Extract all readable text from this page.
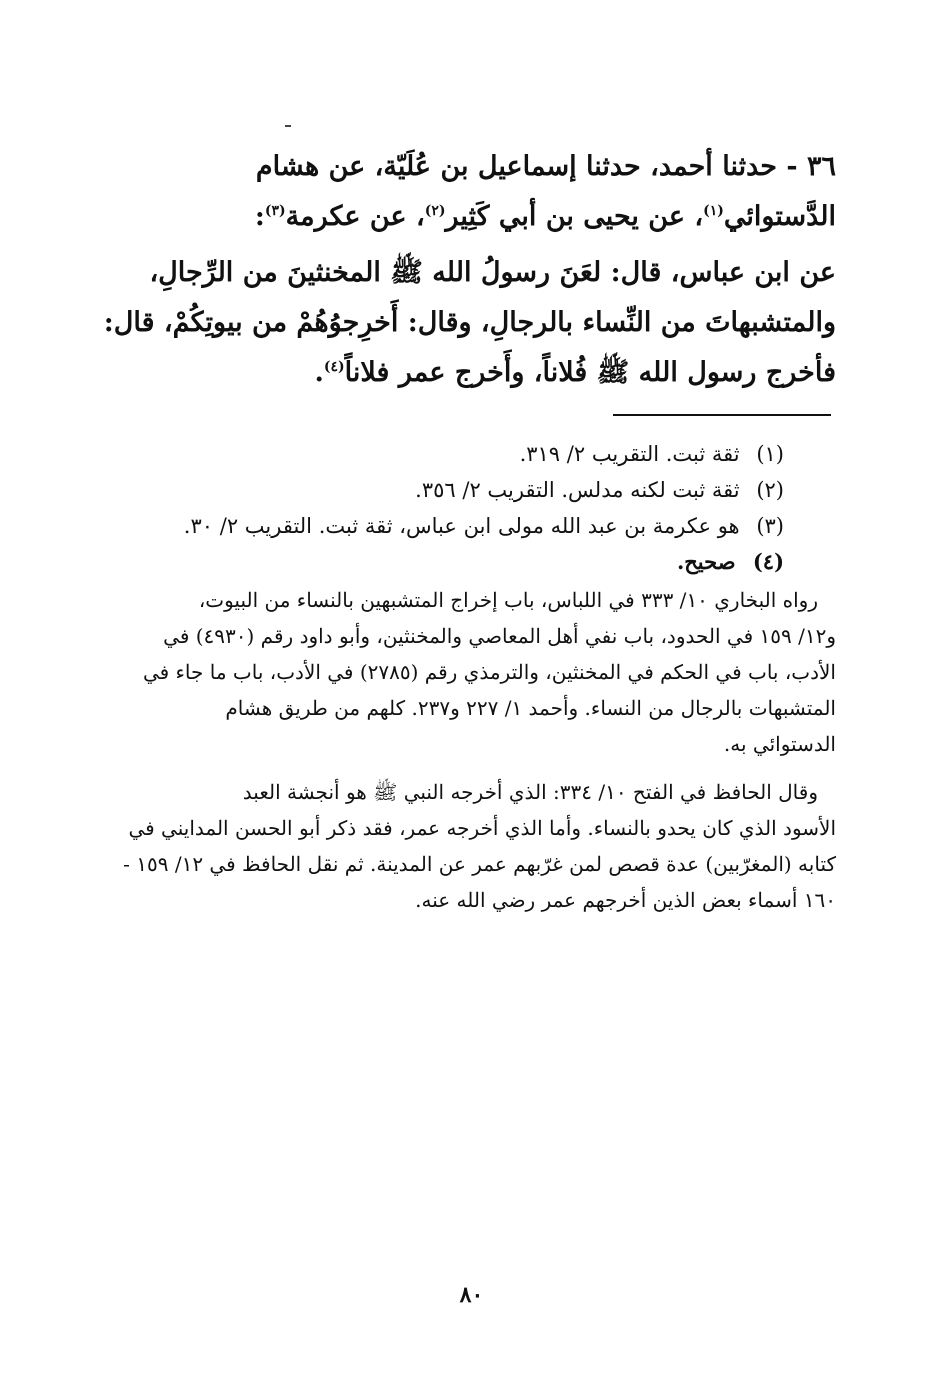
٣٦ - حدثنا أحمد، حدثنا إسماعيل بن عُلَيّة، عن هشام

الدَّستوائي$^{(١)}$، عن يحيى بن أبي كَثِير$^{(٢)}$، عن عكرمة$^{(٣)}$:

عن ابن عباس، قال: لعَنَ رسولُ الله ﷺ المخنثينَ من الرِّجالِ،

والمتشبهاتَ من النِّساء بالرجالِ، وقال: أَخرِجوُهُمْ من بيوتِكُمْ، قال:

فأخرج رسول الله ﷺ فُلاناً، وأَخرج عمر فلاناً$^{(٤)}$.

(١) ثقة ثبت. التقريب ٢/ ٣١٩.

(٢) ثقة ثبت لكنه مدلس. التقريب ٢/ ٣٥٦.

(٣) هو عكرمة بن عبد الله مولى ابن عباس، ثقة ثبت. التقريب ٢/ ٣٠.

(٤) صحيح.

رواه البخاري ١٠/ ٣٣٣ في اللباس، باب إخراج المتشبهين بالنساء من البيوت،

و١٢/ ١٥٩ في الحدود، باب نفي أهل المعاصي والمخنثين، وأبو داود رقم (٤٩٣٠) في

الأدب، باب في الحكم في المخنثين، والترمذي رقم (٢٧٨٥) في الأدب، باب ما جاء في

المتشبهات بالرجال من النساء. وأحمد ١/ ٢٢٧ و٢٣٧. كلهم من طريق هشام

الدستوائي به.

وقال الحافظ في الفتح ١٠/ ٣٣٤: الذي أخرجه النبي ﷺ هو أنجشة العبد

الأسود الذي كان يحدو بالنساء. وأما الذي أخرجه عمر، فقد ذكر أبو الحسن المدايني في

كتابه (المغرّبين) عدة قصص لمن غرّبهم عمر عن المدينة. ثم نقل الحافظ في ١٢/ ١٥٩ -

١٦٠ أسماء بعض الذين أخرجهم عمر رضي الله عنه.

٨٠
